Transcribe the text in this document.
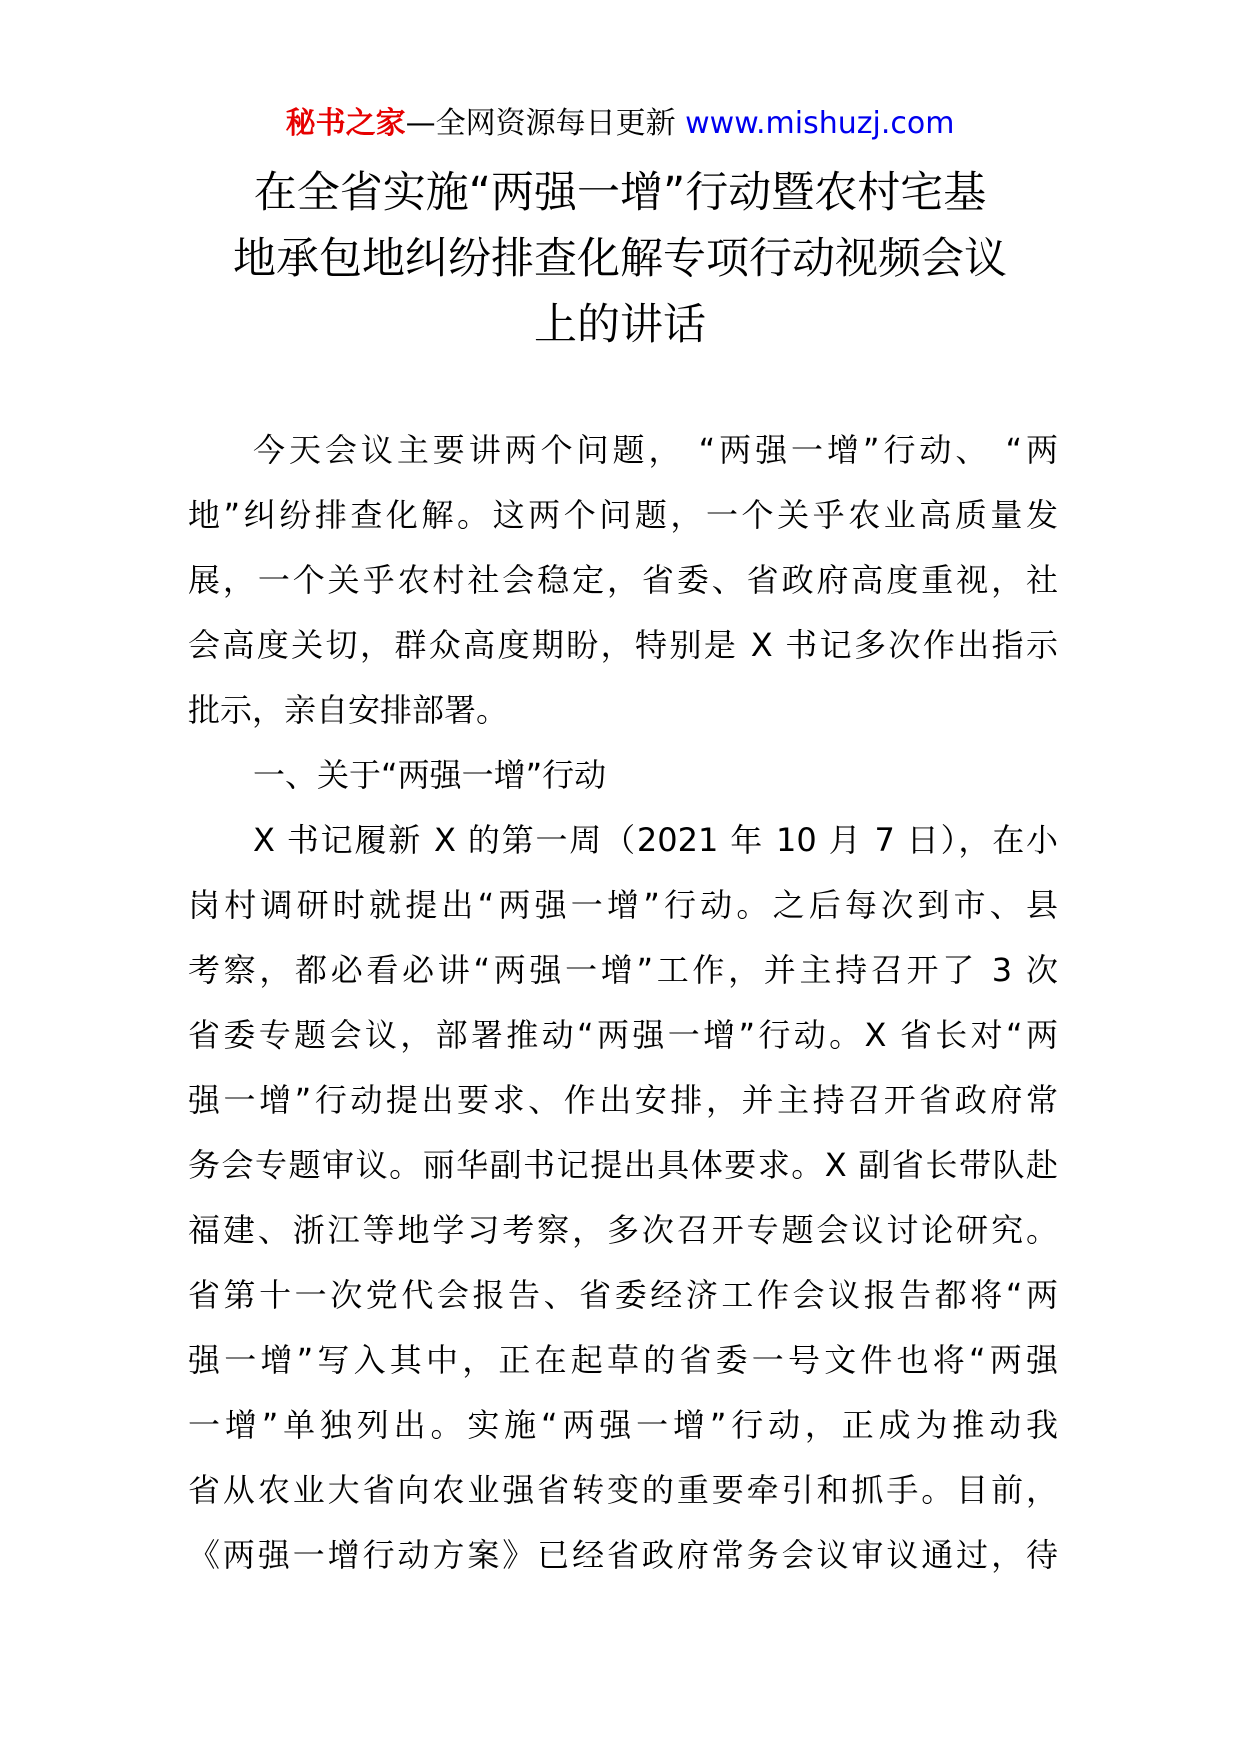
秘书之家—全网资源每日更新 www.mishuzj.com
在全省实施“两强一增”行动暨农村宅基
地承包地纠纷排查化解专项行动视频会议
上的讲话
今天会议主要讲两个问题， “两强一增”行动、 “两
地”纠纷排查化解。这两个问题，一个关乎农业高质量发
展，一个关乎农村社会稳定，省委、省政府高度重视，社
会高度关切，群众高度期盼，特别是 X 书记多次作出指示
批示，亲自安排部署。
一、关于“两强一增”行动
X 书记履新 X 的第一周（2021 年 10 月 7 日），在小
岗村调研时就提出“两强一增”行动。之后每次到市、县
考察，都必看必讲“两强一增”工作，并主持召开了 3 次
省委专题会议，部署推动“两强一增”行动。X 省长对“两
强一增”行动提出要求、作出安排，并主持召开省政府常
务会专题审议。丽华副书记提出具体要求。X 副省长带队赴
福建、浙江等地学习考察，多次召开专题会议讨论研究。
省第十一次党代会报告、省委经济工作会议报告都将“两
强一增”写入其中，正在起草的省委一号文件也将“两强
一增”单独列出。实施“两强一增”行动，正成为推动我
省从农业大省向农业强省转变的重要牵引和抓手。目前，
《两强一增行动方案》已经省政府常务会议审议通过，待
